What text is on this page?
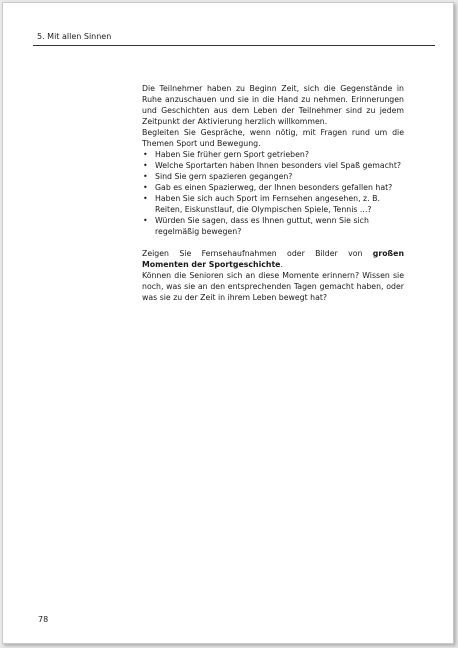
5. Mit allen Sinnen

Die Teilnehmer haben zu Beginn Zeit, sich die Gegenstände in Ruhe anzuschauen und sie in die Hand zu nehmen. Erinnerungen und Geschichten aus dem Leben der Teilnehmer sind zu jedem Zeitpunkt der Aktivierung herzlich willkommen.

Begleiten Sie Gespräche, wenn nötig, mit Fragen rund um die Themen Sport und Bewegung.

• Haben Sie früher gern Sport getrieben?
• Welche Sportarten haben Ihnen besonders viel Spaß gemacht?
• Sind Sie gern spazieren gegangen?
• Gab es einen Spazierweg, der Ihnen besonders gefallen hat?
• Haben Sie sich auch Sport im Fernsehen angesehen, z. B. Reiten, Eiskunstlauf, die Olympischen Spiele, Tennis ...?
• Würden Sie sagen, dass es Ihnen guttut, wenn Sie sich regelmäßig bewegen?

Zeigen Sie Fernsehaufnahmen oder Bilder von großen Momenten der Sportgeschichte.

Können die Senioren sich an diese Momente erinnern? Wissen sie noch, was sie an den entsprechenden Tagen gemacht haben, oder was sie zu der Zeit in ihrem Leben bewegt hat?

78
